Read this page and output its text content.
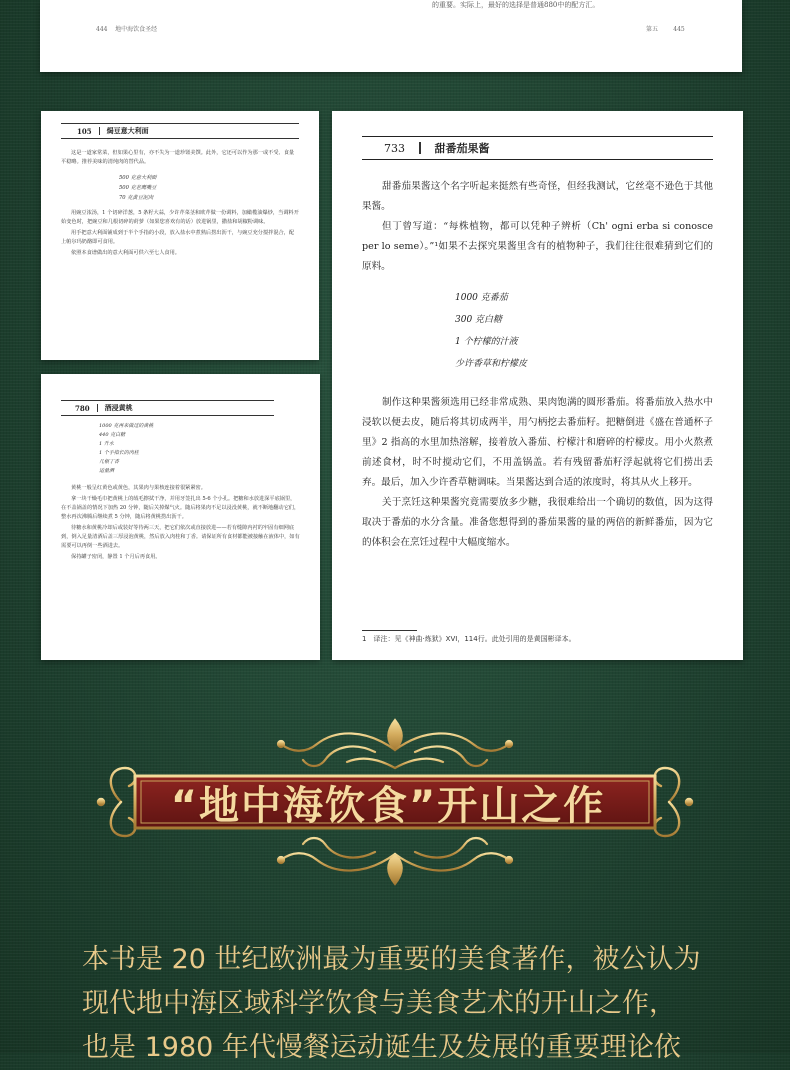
的重要。实际上，最好的选择是普通880中的配方汇。
444 地中海饮食圣经	第五	445
105 焗豆意大利面

这是一道家常菜，但如果心里有，亦不失为一道珍馐美馔。此外，它还可以作为那一或不受、食量平稳略。推荐美味的清炖肉的替代品。

500 克意大利面
500 克老鹰嘴豆
70 克黄豆泥肉

用豌豆浓汤，1 个切碎洋葱，5 条籽大蒜，少许芹菜茎和欧芹做一份调料，加橄榄油爆炒，当调料开始变色时，把豌豆和几根切碎的莳萝（如果您喜欢有的话）放进锅里，撒盐和胡椒粉调味。

用手把意大利面铺成到于半个手指的小段，放入盐水中煮熟后捞出沥干，与豌豆充分搅拌混合，配上帕尔玛奶酪即可食用。

依照本食谱做出的意大利面可供六至七人食用。

780 酒浸黄桃
1000 克再来做过的黄桃
440 克白糖
1 升水
1 个手指长的肉桂
几根丁香
适量酒

黄桃一般呈红黄色或黄色，其果肉与果核连接着很紧紧密。

拿一块干燥毛巾把黄桃上的绒毛擦拭干净，并用牙签扎出 5-6 个小孔。把糖和水放进深平底锅里，在不盖锅盖的情况下加热 20 分钟，随后关掉煤气火。随后将果肉不足以浸没黄桃，就不断地翻动它们，整水再次沸腾后继续煮 5 分钟，随后将黄桃捞出沥干。

待糖水和黄桃冷却后或装好等待两三天，把它们依次或直接放进——若有缝隙内衬的牢固有细网底到，倒入足量清酒后盖三厚浸泡黄桃，然后放入肉桂和丁香。请保证所有食材都能被接触在液体中，如有需要可以再倒一些酒进去。

保持罐子密闭，静置 1 个月后再食用。

733	甜番茄果酱

甜番茄果酱这个名字听起来挺然有些奇怪，但经我测试，它丝毫不逊色于其他果酱。

但丁曾写道：“每株植物，都可以凭种子辨析（Ch' ogni erba si conosce per lo seme）。”¹如果不去探究果酱里含有的植物种子，我们往往很难猜到它们的原料。

1000 克番茄
300 克白糖
1 个柠檬的汁液
少许香草和柠檬皮

制作这种果酱须选用已经非常成熟、果肉饱满的圆形番茄。将番茄放入热水中浸软以便去皮，随后将其切成两半，用勺柄挖去番茄籽。把糖倒进《盛在普通杯子里》2 指高的水里加热溶解，接着放入番茄、柠檬汁和磨碎的柠檬皮。用小火熬煮前述食材，时不时搅动它们，不用盖锅盖。若有残留番茄籽浮起就将它们捞出丢弃。最后，加入少许香草糖调味。当果酱达到合适的浓度时，将其从火上移开。

关于烹饪这种果酱究竟需要放多少糖，我很难给出一个确切的数值，因为这得取决于番茄的水分含量。准备您想得到的番茄果酱的量的两倍的新鲜番茄，因为它的体积会在烹饪过程中大幅度缩水。

1　译注：见《神曲·炼狱》XVI，114行。此处引用的是黄国彬译本。
“地中海饮食”开山之作
本书是 20 世纪欧洲最为重要的美食著作，被公认为
现代地中海区域科学饮食与美食艺术的开山之作，
也是 1980 年代慢餐运动诞生及发展的重要理论依
